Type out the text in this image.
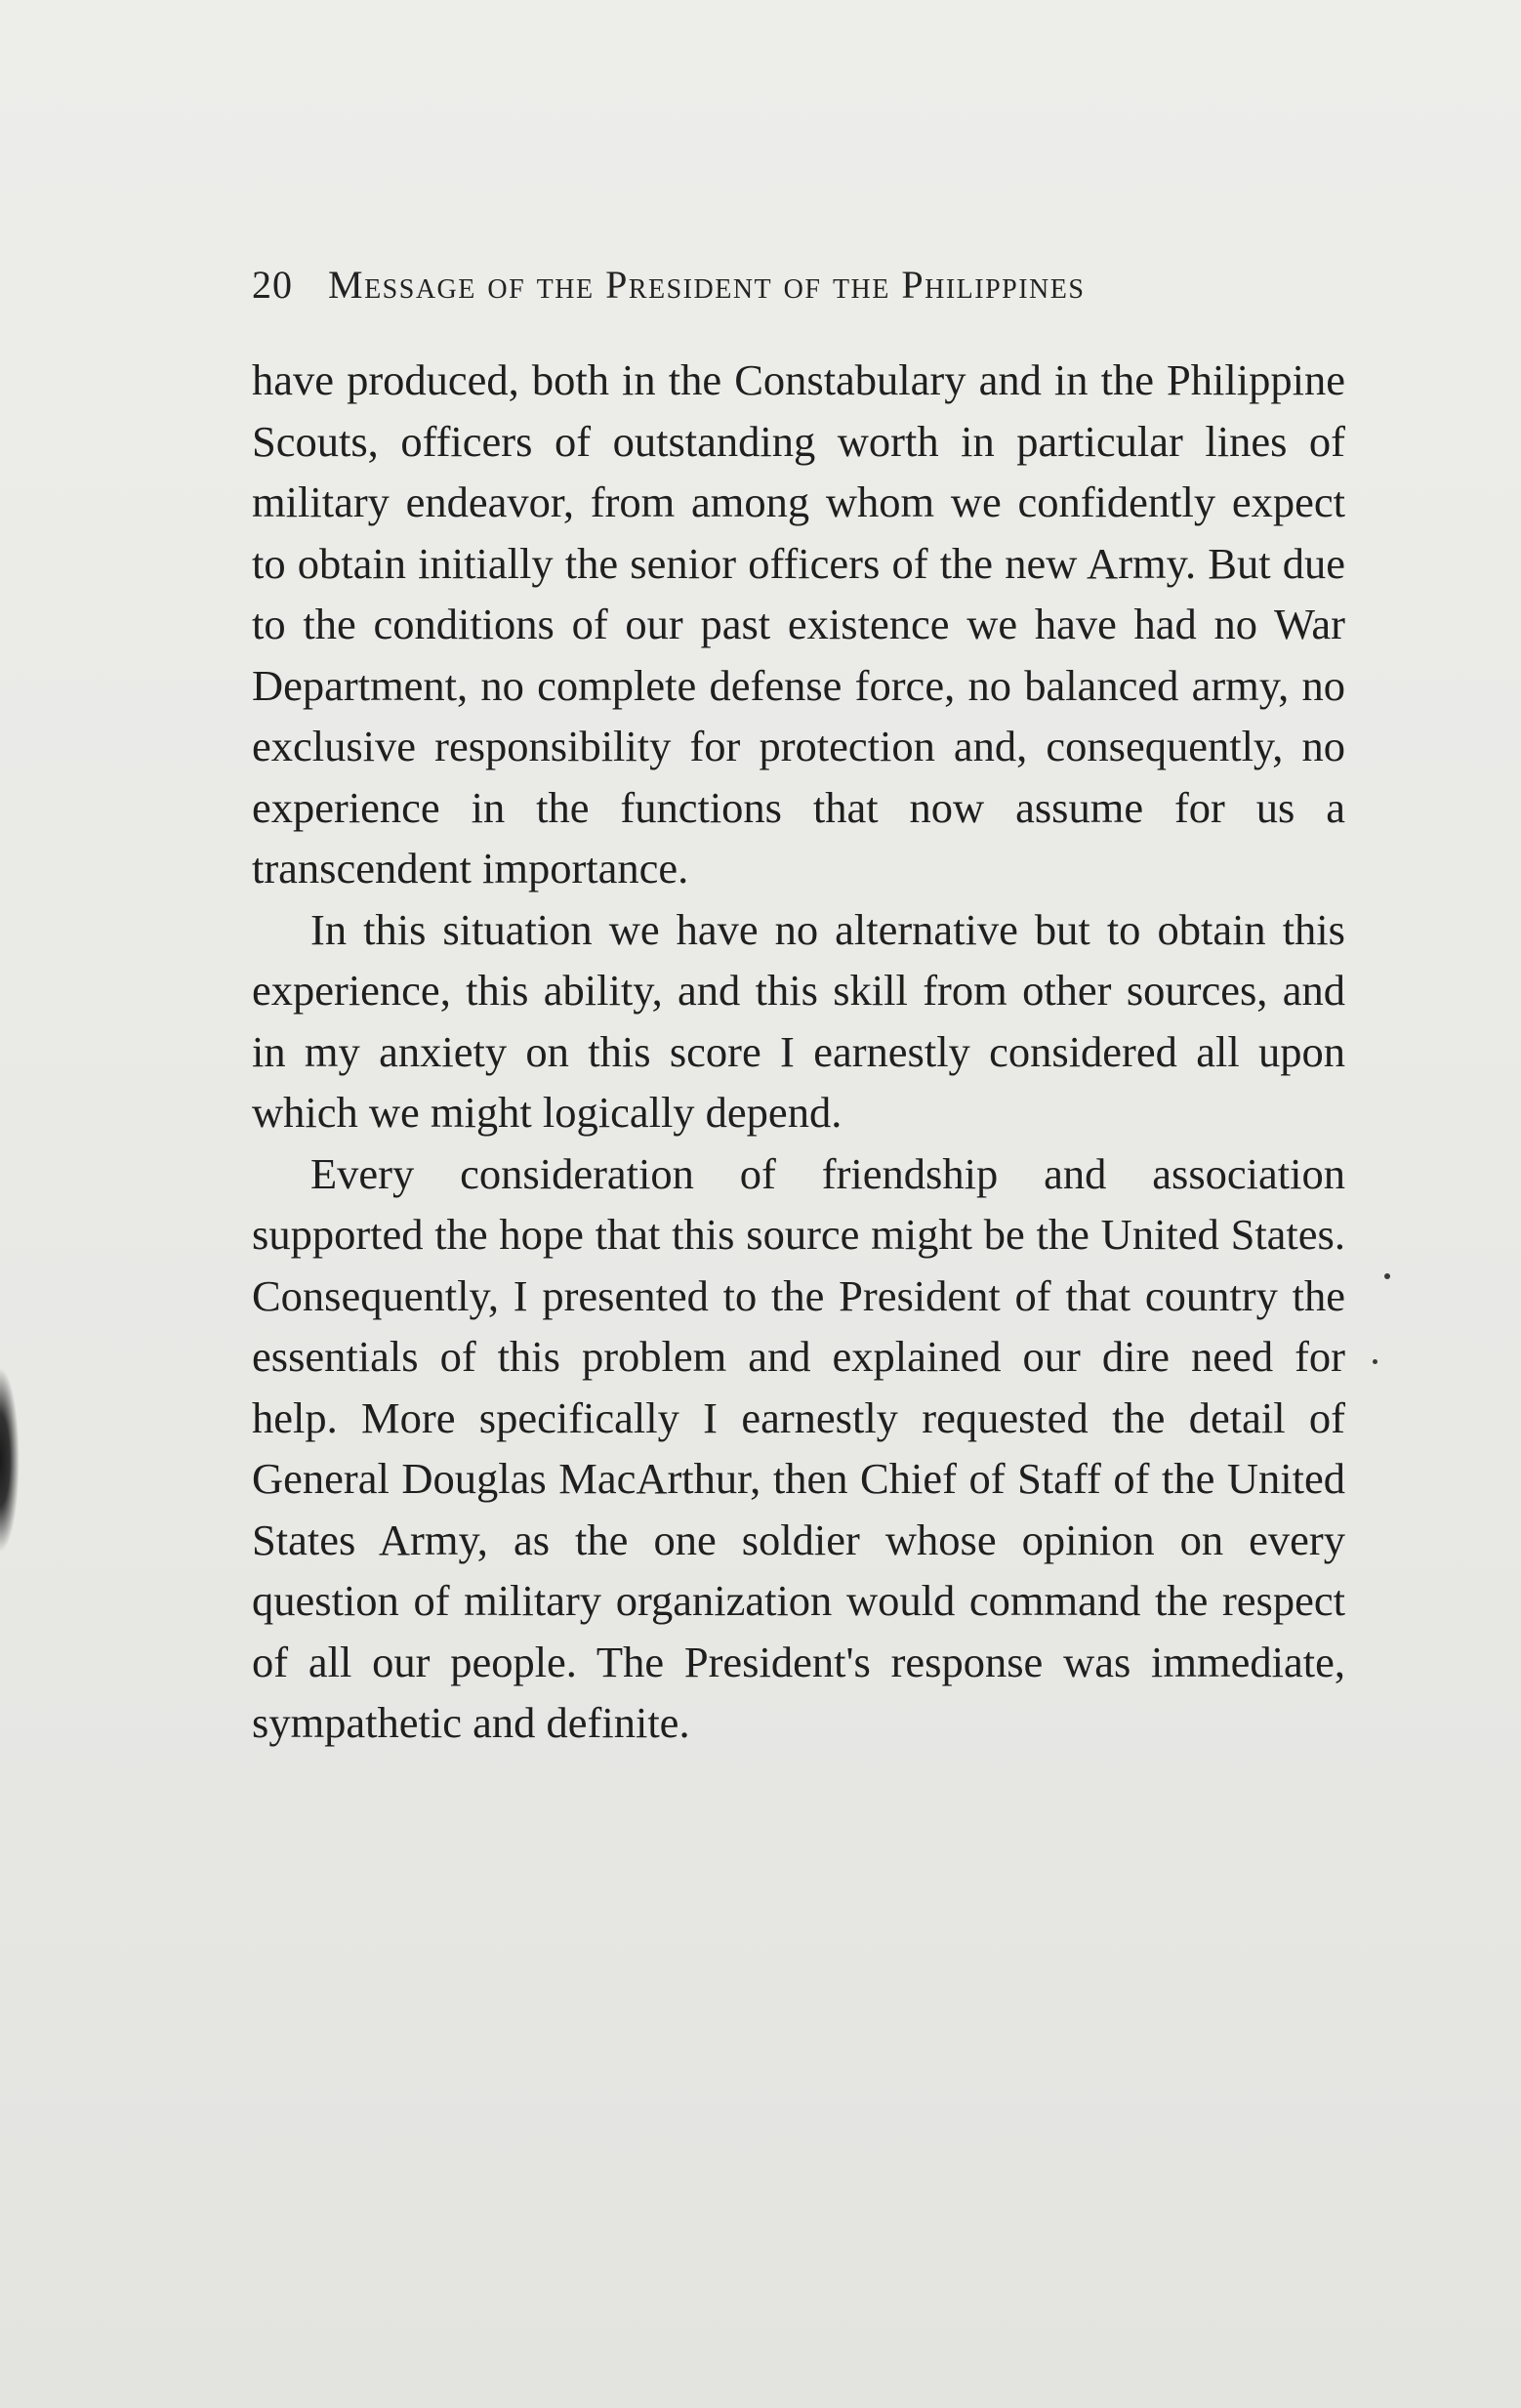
20 Message of the President of the Philippines

have produced, both in the Constabulary and in the Philippine Scouts, officers of outstanding worth in particular lines of military endeavor, from among whom we confidently expect to obtain initially the senior officers of the new Army. But due to the conditions of our past existence we have had no War Department, no complete defense force, no balanced army, no exclusive responsibility for protection and, consequently, no experience in the functions that now assume for us a transcendent importance.

In this situation we have no alternative but to obtain this experience, this ability, and this skill from other sources, and in my anxiety on this score I earnestly considered all upon which we might logically depend.

Every consideration of friendship and association supported the hope that this source might be the United States. Consequently, I presented to the President of that country the essentials of this problem and explained our dire need for help. More specifically I earnestly requested the detail of General Douglas MacArthur, then Chief of Staff of the United States Army, as the one soldier whose opinion on every question of military organization would command the respect of all our people. The President's response was immediate, sympathetic and definite.
